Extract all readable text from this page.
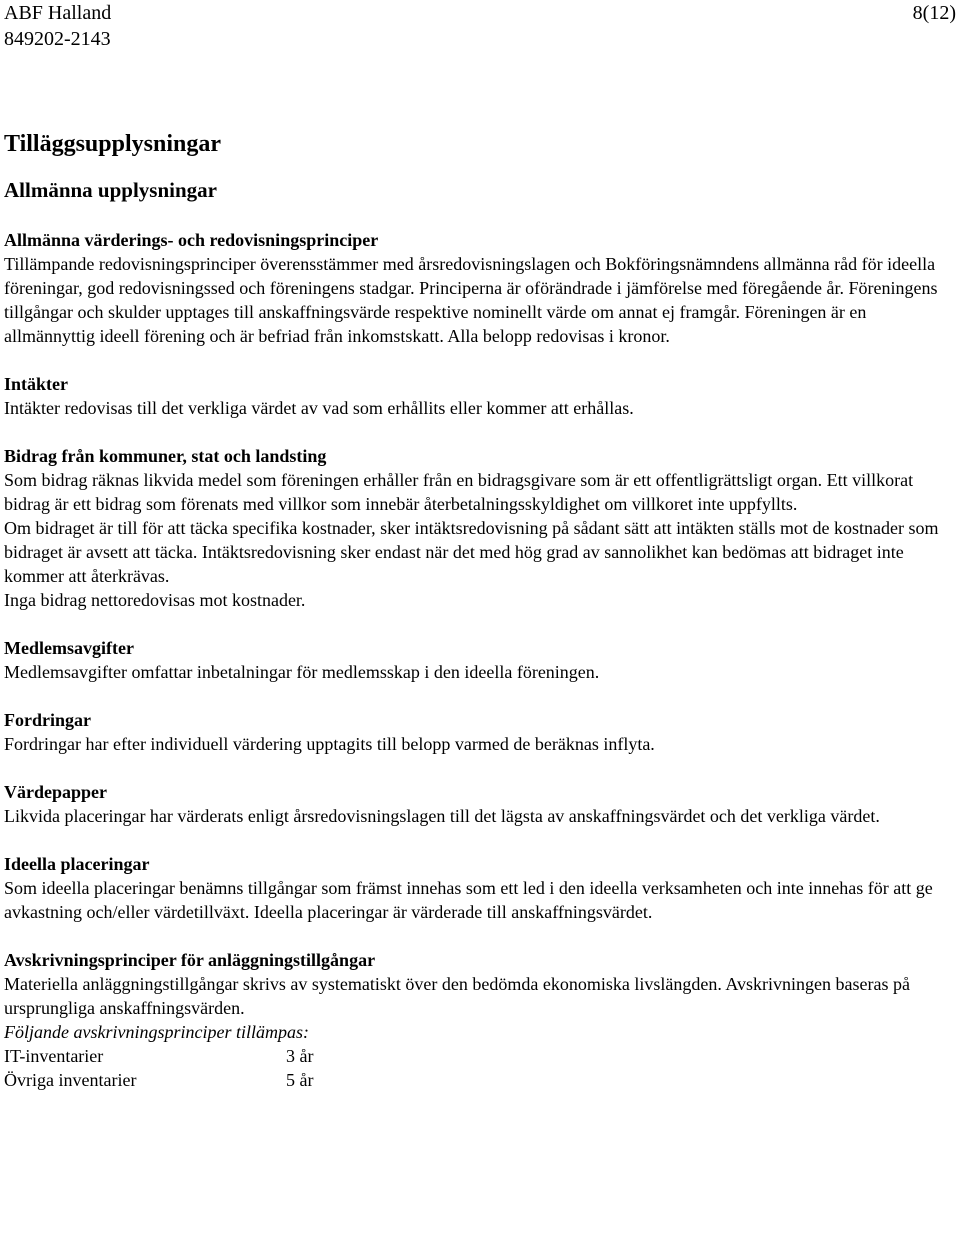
ABF Halland
849202-2143
8(12)
Tilläggsupplysningar
Allmänna upplysningar
Allmänna värderings- och redovisningsprinciper

Tillämpande redovisningsprinciper överensstämmer med årsredovisningslagen och Bokföringsnämndens allmänna råd för ideella föreningar, god redovisningssed och föreningens stadgar. Principerna är oförändrade i jämförelse med föregående år. Föreningens tillgångar och skulder upptages till anskaffningsvärde respektive nominellt värde om annat ej framgår. Föreningen är en allmännyttig ideell förening och är befriad från inkomstskatt. Alla belopp redovisas i kronor.

Intäkter

Intäkter redovisas till det verkliga värdet av vad som erhållits eller kommer att erhållas.

Bidrag från kommuner, stat och landsting

Som bidrag räknas likvida medel som föreningen erhåller från en bidragsgivare som är ett offentligrättsligt organ. Ett villkorat bidrag är ett bidrag som förenats med villkor som innebär återbetalningsskyldighet om villkoret inte uppfyllts.

Om bidraget är till för att täcka specifika kostnader, sker intäktsredovisning på sådant sätt att intäkten ställs mot de kostnader som bidraget är avsett att täcka. Intäktsredovisning sker endast när det med hög grad av sannolikhet kan bedömas att bidraget inte kommer att återkrävas.

Inga bidrag nettoredovisas mot kostnader.

Medlemsavgifter

Medlemsavgifter omfattar inbetalningar för medlemsskap i den ideella föreningen.

Fordringar

Fordringar har efter individuell värdering upptagits till belopp varmed de beräknas inflyta.

Värdepapper

Likvida placeringar har värderats enligt årsredovisningslagen till det lägsta av anskaffningsvärdet och det verkliga värdet.

Ideella placeringar

Som ideella placeringar benämns tillgångar som främst innehas som ett led i den ideella verksamheten och inte innehas för att ge avkastning och/eller värdetillväxt. Ideella placeringar är värderade till anskaffningsvärdet.

Avskrivningsprinciper för anläggningstillgångar

Materiella anläggningstillgångar skrivs av systematiskt över den bedömda ekonomiska livslängden. Avskrivningen baseras på ursprungliga anskaffningsvärden.

Följande avskrivningsprinciper tillämpas:

IT-inventarier	3 år
Övriga inventarier	5 år
